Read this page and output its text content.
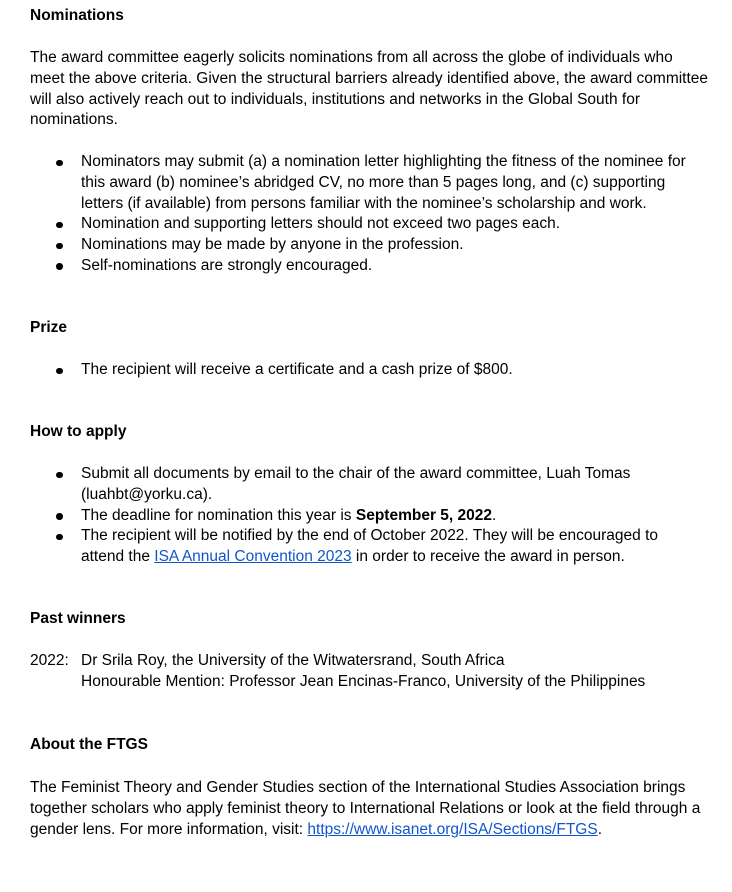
Nominations

The award committee eagerly solicits nominations from all across the globe of individuals who meet the above criteria. Given the structural barriers already identified above, the award committee will also actively reach out to individuals, institutions and networks in the Global South for nominations.

Nominators may submit (a) a nomination letter highlighting the fitness of the nominee for this award (b) nominee’s abridged CV, no more than 5 pages long, and (c) supporting letters (if available) from persons familiar with the nominee’s scholarship and work.
Nomination and supporting letters should not exceed two pages each.
Nominations may be made by anyone in the profession.
Self-nominations are strongly encouraged.
Prize
The recipient will receive a certificate and a cash prize of $800.
How to apply
Submit all documents by email to the chair of the award committee, Luah Tomas (luahbt@yorku.ca).
The deadline for nomination this year is September 5, 2022.
The recipient will be notified by the end of October 2022. They will be encouraged to attend the ISA Annual Convention 2023 in order to receive the award in person.
Past winners
2022: Dr Srila Roy, the University of the Witwatersrand, South Africa
Honourable Mention: Professor Jean Encinas-Franco, University of the Philippines
About the FTGS

The Feminist Theory and Gender Studies section of the International Studies Association brings together scholars who apply feminist theory to International Relations or look at the field through a gender lens. For more information, visit: https://www.isanet.org/ISA/Sections/FTGS.
